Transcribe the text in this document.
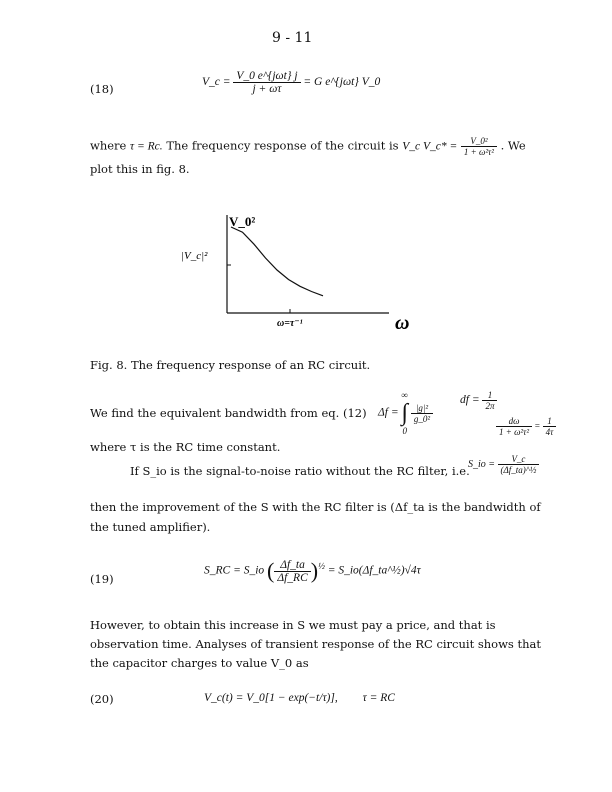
9 - 11
(18)	V_c = $\frac{\text{V\_0 e\textasciicircum{}\{jωt\} j}}{j + \omega\tau} = G$ e^{jωt} V_0
where τ = Rc. The frequency response of the circuit is V_c V_c* = $\frac{\text{V\_0²}}{\text{1 + ω²τ²}}$ . We
plot this in fig. 8.
V_0²
|V_c|²
ω=τ⁻¹	ω
Fig. 8. The frequency response of an RC circuit.
We find the equivalent bandwidth from eq. (12) Δf =
∞
∫
0

$\frac{\text{|g|²}}{\text{g\_0²}}$
df = $\frac{1}{2\pi}$
$\frac{d\omega}{\text{1 + ω²τ²}} = \frac{1}{4\tau}$
where τ is the RC time constant.
If S_io is the signal-to-noise ratio without the RC filter, i.e.
S_io = $\frac{V\_c}{\text{(Δf\_ta)\textasciicircum{}½}}$
then the improvement of the S with the RC filter is (Δf_ta is the bandwidth of
the tuned amplifier).
(19)
S_RC = S_io ( $\frac{\Delta f\_ta}{\Delta f\_RC} )^{\frac{1}{2}}$ = S_io(Δf_ta^½)√4τ
However, to obtain this increase in S we must pay a price, and that is
observation time. Analyses of transient response of the RC circuit shows that
the capacitor charges to value V_0 as
(20)	V_c(t) = V_0[1 − exp(−t/τ)], τ = RC
